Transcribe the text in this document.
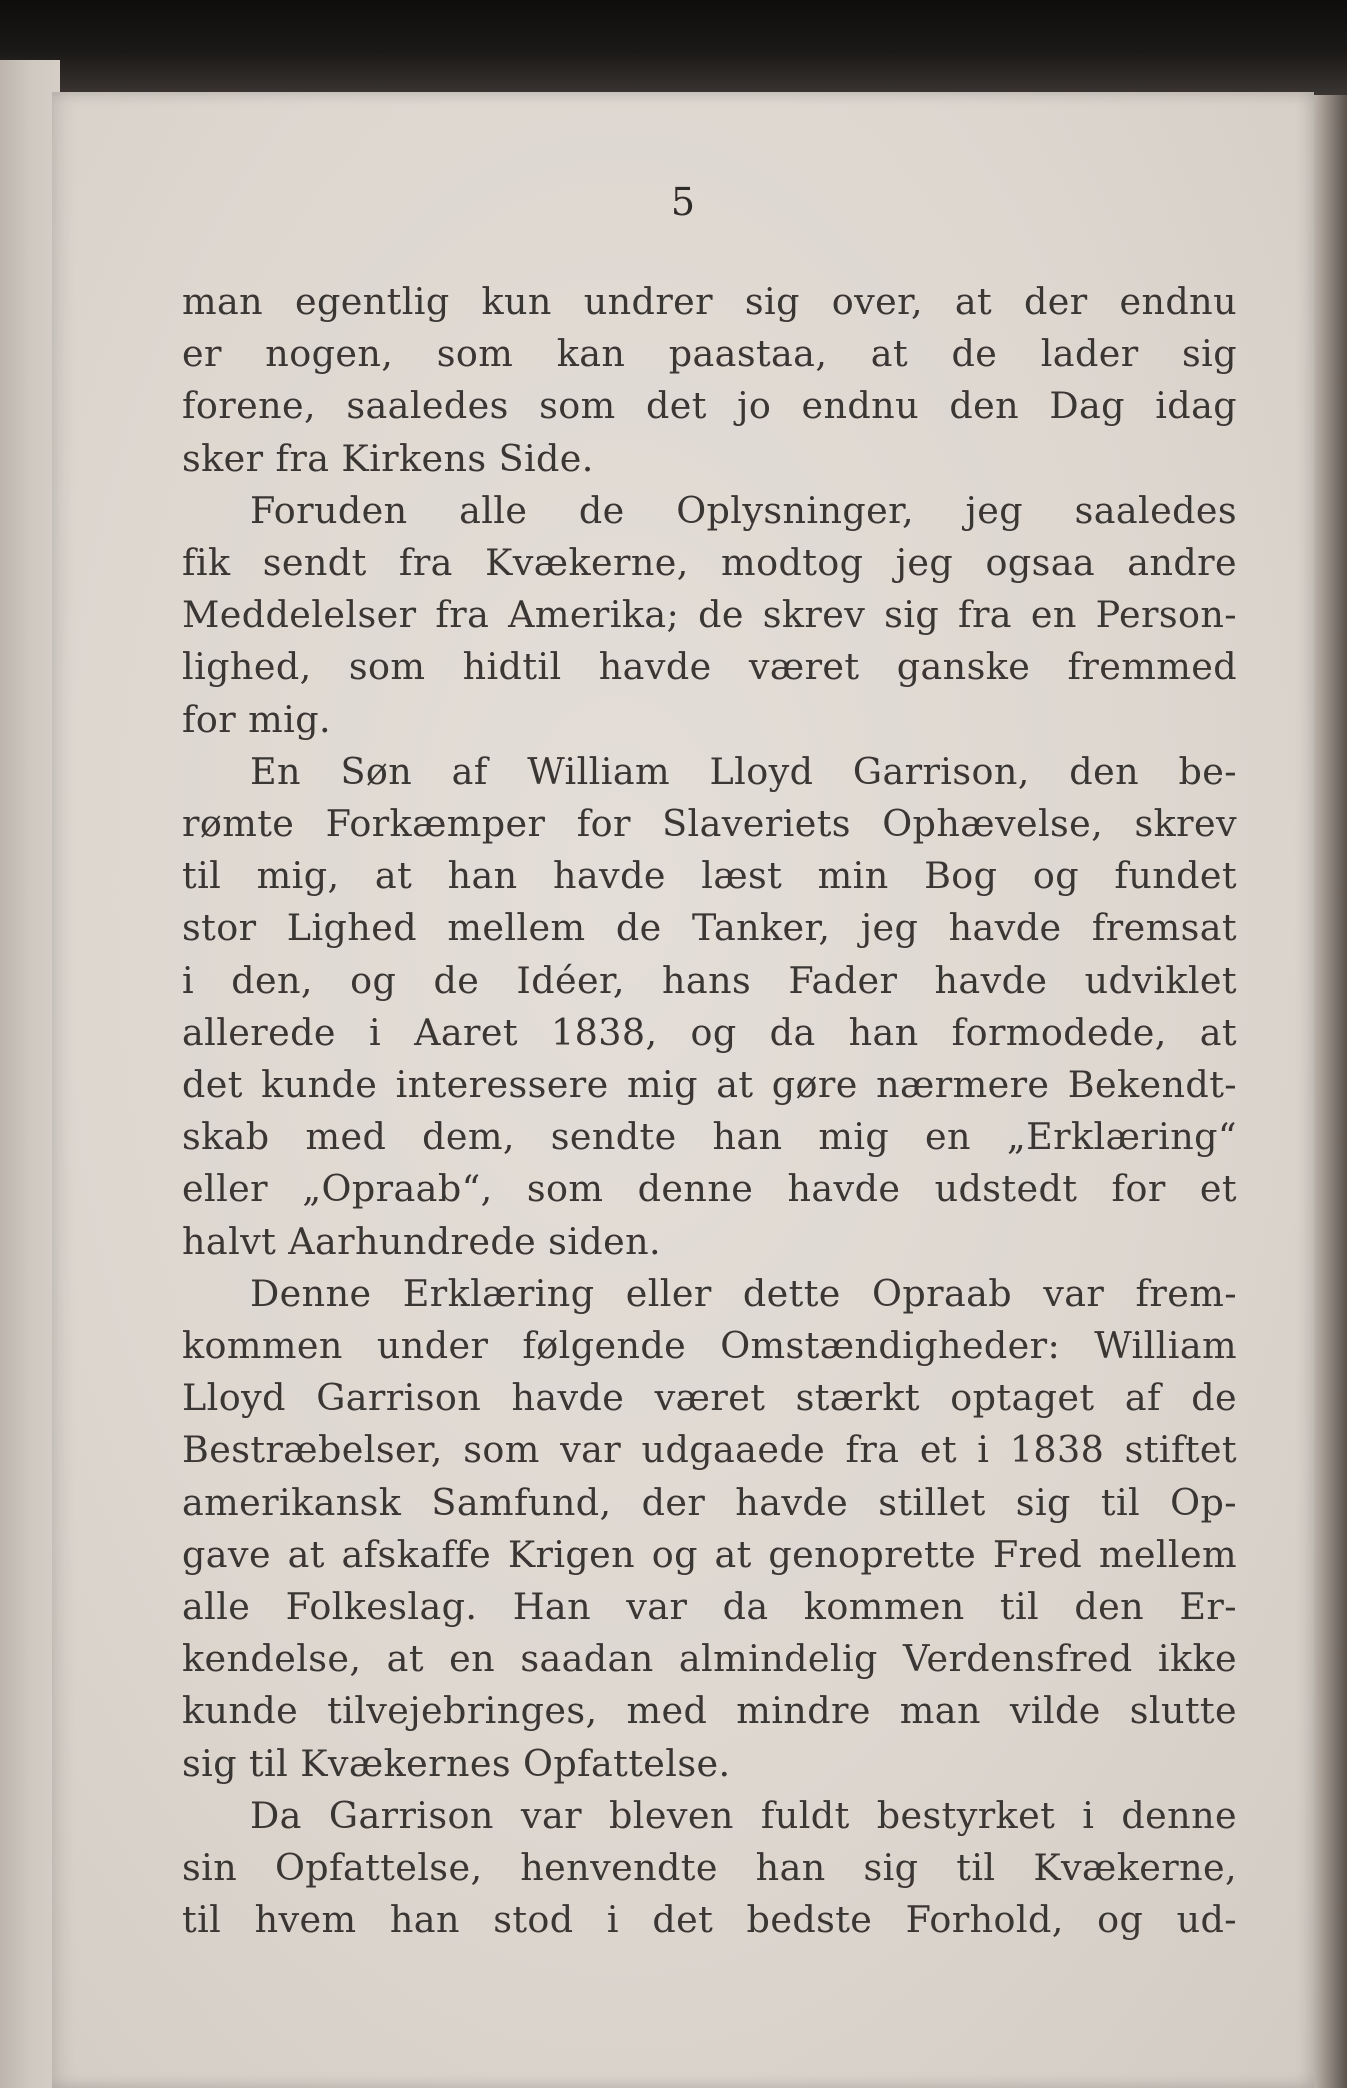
5
man egentlig kun undrer sig over, at der endnu
er nogen, som kan paastaa, at de lader sig
forene, saaledes som det jo endnu den Dag idag
sker fra Kirkens Side.
Foruden alle de Oplysninger, jeg saaledes
fik sendt fra Kvækerne, modtog jeg ogsaa andre
Meddelelser fra Amerika; de skrev sig fra en Person-
lighed, som hidtil havde været ganske fremmed
for mig.
En Søn af William Lloyd Garrison, den be-
rømte Forkæmper for Slaveriets Ophævelse, skrev
til mig, at han havde læst min Bog og fundet
stor Lighed mellem de Tanker, jeg havde fremsat
i den, og de Idéer, hans Fader havde udviklet
allerede i Aaret 1838, og da han formodede, at
det kunde interessere mig at gøre nærmere Bekendt-
skab med dem, sendte han mig en „Erklæring“
eller „Opraab“, som denne havde udstedt for et
halvt Aarhundrede siden.
Denne Erklæring eller dette Opraab var frem-
kommen under følgende Omstændigheder: William
Lloyd Garrison havde været stærkt optaget af de
Bestræbelser, som var udgaaede fra et i 1838 stiftet
amerikansk Samfund, der havde stillet sig til Op-
gave at afskaffe Krigen og at genoprette Fred mellem
alle Folkeslag. Han var da kommen til den Er-
kendelse, at en saadan almindelig Verdensfred ikke
kunde tilvejebringes, med mindre man vilde slutte
sig til Kvækernes Opfattelse.
Da Garrison var bleven fuldt bestyrket i denne
sin Opfattelse, henvendte han sig til Kvækerne,
til hvem han stod i det bedste Forhold, og ud-
